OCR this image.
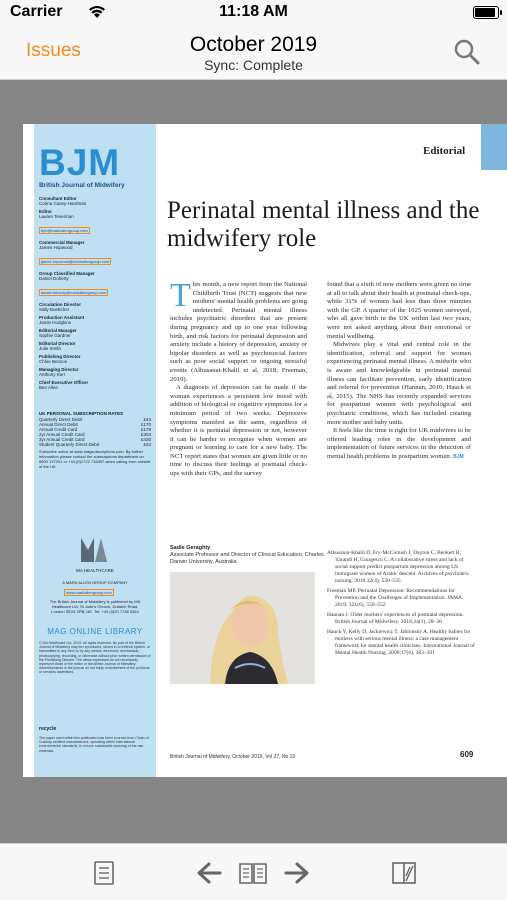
Carrier	11:18 AM
Issues	October 2019
Sync: Complete
BJM
British Journal of Midwifery
Consultant Editor
Corina Casey-Hardman
Editor
Lauren Teseririan
bjm@markallengroup.com
Commercial Manager
James Hopwood
james.hopwood@markallengroup.com
Group Classified Manager
Daniel Doherty
daniel.doherty@markallengroup.com
Circulation Director
Sally Boettcher
Production Assistant
Jamie Hodgkins
Editorial Manager
Sophie Gardner
Editorial Director
Julie Smith
Publishing Director
Chloe Benson
Managing Director
Anthony Kerr
Chief Executive Officer
Ben Allen
UK PERSONAL SUBSCRIPTION RATES
Quarterly Direct Debit	£43
Annual Direct Debit	£170
Annual Credit Card	£179
2yr Annual Credit Card	£304
3yr Annual Credit Card	£430
Student Quarterly Direct Debit	£24
Subscribe online at www.magsubscriptions.com. By further information please contact the subscriptions department on 0800 137201 or +44 (0)1722 716997 when calling from outside of the UK.
MA HEALTHCARE
A MARK ALLEN GROUP COMPANY
www.markallengroup.com
The British Journal of Midwifery is published by MA Healthcare Ltd, St Jude's Church, Dulwich Road, London SE24 0PB, UK. Tel: +44 (0)20 7738 5454
MAG ONLINE LIBRARY
© MA Healthcare Ltd, 2019. All rights reserved. No part of the British Journal of Midwifery may be reproduced, stored in a retrieval system, or transmitted in any form or by any means, electronic, mechanical, photocopying, recording, or otherwise without prior written permission of the Publishing Director. The views expressed do not necessarily represent those of the editor or the British Journal of Midwifery. Advertisements in the journal do not imply endorsement of the products or services advertised.
recycle
The paper used within this publication has been sourced from Chain-of-Custody certified manufacturers, operating within international environmental standards, to ensure sustainable sourcing of the raw materials.
Editorial
Perinatal mental illness and the midwifery role

This month, a new report from the National Childbirth Trust (NCT) suggests that new mothers' mental health problems are going undetected. Perinatal mental illness includes psychiatric disorders that are present during pregnancy and up to one year following birth, and risk factors for perinatal depression and anxiety include a history of depression, anxiety or bipolar disorders as well as psychosocial factors such as poor social support or ongoing stressful events (Alhusanat-Khalil et al, 2018; Freeman, 2019).

A diagnosis of depression can be made if the woman experiences a persistent low mood with addition of biological or cognitive symptoms for a minimum period of two weeks. Depressive symptoms manifest as the same, regardless of whether it is perinatal depression or not, however it can be harder to recognise when women are pregnant or learning to care for a new baby. The NCT report states that women are given little or no time to discuss their feelings at postnatal check-ups with their GPs, and the survey

found that a sixth of new mothers were given no time at all to talk about their health at postnatal check-ups, while 31% of women had less than three minutes with the GP. A quarter of the 1025 women surveyed, who all gave birth in the UK within last two years, were not asked anything about their emotional or mental wellbeing.

Midwives play a vital and central role in the identification, referral and support for women experiencing perinatal mental illness. A midwife who is aware and knowledgeable in perinatal mental illness can facilitate prevention, early identification and referral for prevention (Hannan, 2016; Hauck et al, 2015). The NHS has recently expanded services for postpartum women with psychological and psychiatric conditions, which has included creating more mother and baby units.

It feels like the time is right for UK midwives to be offered leading roles in the development and implementation of future services in the detection of mental health problems in postpartum women. BJM

Sadie Geraghty
Associate Professor and Director of Clinical Education, Charles Darwin University, Australia
Alhusanat-Khalil D, Fry-McComish J, Dayton C, Benkert R, Yarandi H, Giurgescu C. A collaborative stress and lack of social support predict postpartum depression among US immigrant women of Arabic descent. Archives of psychiatric nursing. 2018;32(4), 530–535
Freeman MP. Perinatal Depression: Recommendations for Prevention and the Challenges of Implementation. JAMA. 2019; 321(6), 550–552
Hannan J. Older mothers' experiences of postnatal depression. British Journal of Midwifery. 2016;24(1), 28–36
Hauck Y, Kelly D, Jackiewicz T, Jablonsky A. Healthy babies for mothers with serious mental illness: a case management framework for mental health clinicians. International Journal of Mental Health Nursing. 2008;17(6), 383–391
British Journal of Midwifery, October 2019, Vol 27, No 10	609
